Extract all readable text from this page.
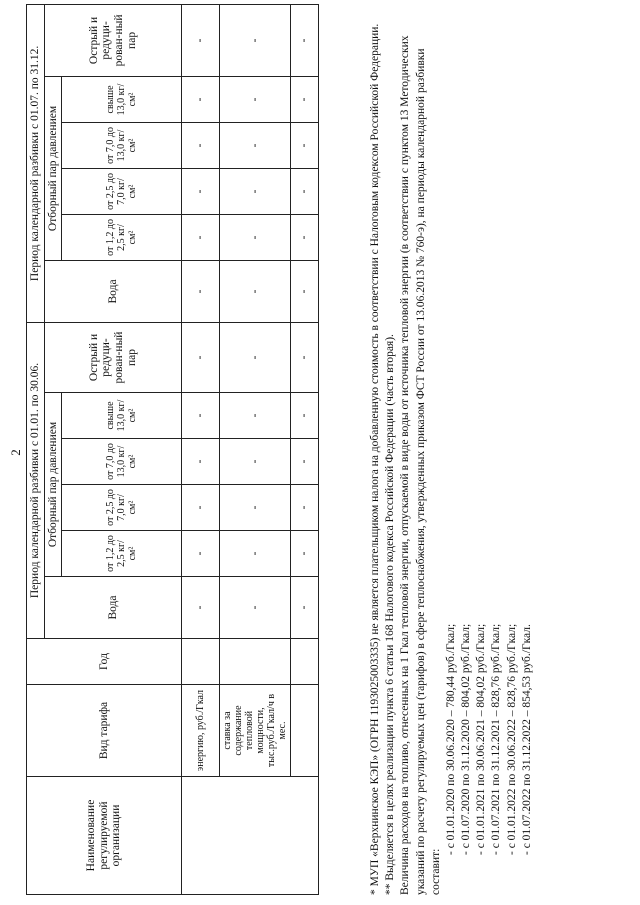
2
Наименование регулируемой организации	Вид тарифа	Год	Период календарной разбивки с 01.01. по 30.06.						Период календарной разбивки с 01.07. по 31.12.					
			Вода	Отборный пар давлением				Острый и редуци-рован-ный пар	Вода	Отборный пар давлением				Острый и редуци-рован-ный пар
				от 1,2 до 2,5 кг/см²	от 2,5 до 7,0 кг/см²	от 7,0 до 13,0 кг/см²	свыше 13,0 кг/см²			от 1,2 до 2,5 кг/см²	от 2,5 до 7,0 кг/см²	от 7,0 до 13,0 кг/см²	свыше 13,0 кг/см²	
	энергию, руб./Гкал		-	-	-	-	-	-	-	-	-	-	-	-
	ставка за содержание тепловой мощности, тыс.руб./Гкал/ч в мес.		-	-	-	-	-	-	-	-	-	-	-	-
			-	-	-	-	-	-	-	-	-	-	-	-	* МУП «Верхнинское КЭП» (ОГРН 1193025003335) не является плательщиком налога на добавленную стоимость в соответствии с Налоговым кодексом Российской Федерации. ** Выделяется в целях реализации пункта 6 статьи 168 Налогового кодекса Российской Федерации (часть вторая). Величина расходов на топливо, отнесенных на 1 Гкал тепловой энергии, отпускаемой в виде воды от источника тепловой энергии (в соответствии с пунктом 13 Методических указаний по расчету регулируемых цен (тарифов) в сфере теплоснабжения, утвержденных приказом ФСТ России от 13.06.2013 № 760-э), на периоды календарной разбивки составит:

- с 01.01.2020 по 30.06.2020 – 780,44 руб./Гкал; - с 01.07.2020 по 31.12.2020 – 804,02 руб./Гкал; - с 01.01.2021 по 30.06.2021 – 804,02 руб./Гкал; - с 01.07.2021 по 31.12.2021 – 828,76 руб./Гкал; - с 01.01.2022 по 30.06.2022 – 828,76 руб./Гкал; - с 01.07.2022 по 31.12.2022 – 854,53 руб./Гкал.
